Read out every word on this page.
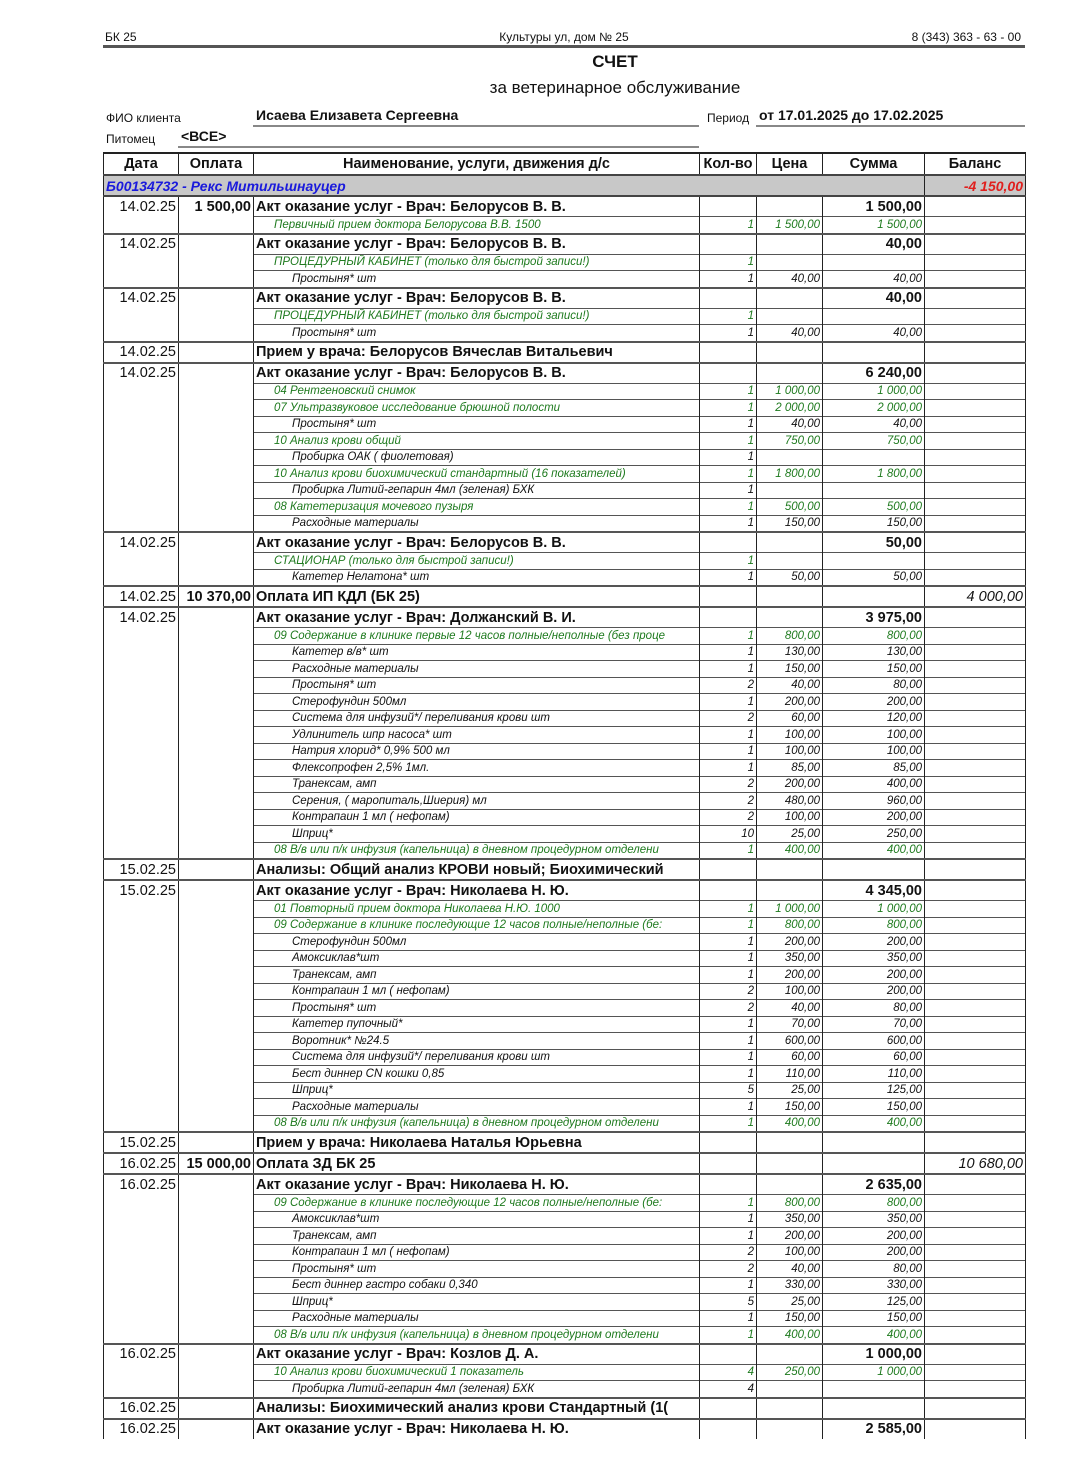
БК 25	Культуры ул, дом № 25	8 (343) 363 - 63 - 00
СЧЕТ
за ветеринарное обслуживание
ФИО клиента	Исаева Елизавета Сергеевна	Период от 17.01.2025 до 17.02.2025
Питомец <ВСЕ>
Дата	Оплата	Наименование, услуги, движения д/с	Кол-во	Цена	Сумма	Баланс
Б00134732 - Рекс Митильшнауцер						-4 150,00
14.02.25	1 500,00	Акт оказание услуг - Врач: Белорусов В. В.			1 500,00	
		Первичный прием доктора Белорусова В.В. 1500	1	1 500,00	1 500,00	
14.02.25		Акт оказание услуг - Врач: Белорусов В. В.			40,00	
		ПРОЦЕДУРНЫЙ КАБИНЕТ (только для быстрой записи!)	1			
		Простыня* шт	1	40,00	40,00	
14.02.25		Акт оказание услуг - Врач: Белорусов В. В.			40,00	
		ПРОЦЕДУРНЫЙ КАБИНЕТ (только для быстрой записи!)	1			
		Простыня* шт	1	40,00	40,00	
14.02.25		Прием у врача: Белорусов Вячеслав Витальевич				
14.02.25		Акт оказание услуг - Врач: Белорусов В. В.			6 240,00	
		04 Рентгеновский снимок	1	1 000,00	1 000,00	
		07 Ультразвуковое исследование брюшной полости	1	2 000,00	2 000,00	
		Простыня* шт	1	40,00	40,00	
		10 Анализ крови общий	1	750,00	750,00	
		Пробирка ОАК ( фиолетовая)	1			
		10 Анализ крови биохимический стандартный (16 показателей)	1	1 800,00	1 800,00	
		Пробирка Литий-гепарин 4мл (зеленая) БХК	1			
		08 Катетеризация мочевого пузыря	1	500,00	500,00	
		Расходные материалы	1	150,00	150,00	
14.02.25		Акт оказание услуг - Врач: Белорусов В. В.			50,00	
		СТАЦИОНАР (только для быстрой записи!)	1			
		Катетер Нелатона* шт	1	50,00	50,00	
14.02.25	10 370,00	Оплата ИП КДЛ (БК 25)				4 000,00
14.02.25		Акт оказание услуг - Врач: Должанский В. И.			3 975,00	
		09 Содержание в клинике первые 12 часов полные/неполные (без проце	1	800,00	800,00	
		Катетер в/в* шт	1	130,00	130,00	
		Расходные материалы	1	150,00	150,00	
		Простыня* шт	2	40,00	80,00	
		Стерофундин 500мл	1	200,00	200,00	
		Система для инфузий*/ переливания крови шт	2	60,00	120,00	
		Удлинитель шпр насоса* шт	1	100,00	100,00	
		Натрия хлорид* 0,9% 500 мл	1	100,00	100,00	
		Флексопрофен 2,5% 1мл.	1	85,00	85,00	
		Транексам, амп	2	200,00	400,00	
		Серения, ( маропиталь,Шиерия) мл	2	480,00	960,00	
		Контрапаин 1 мл ( нефопам)	2	100,00	200,00	
		Шприц*	10	25,00	250,00	
		08 В/в или п/к инфузия (капельница) в дневном процедурном отделени	1	400,00	400,00	
15.02.25		Анализы: Общий анализ КРОВИ новый; Биохимический				
15.02.25		Акт оказание услуг - Врач: Николаева Н. Ю.			4 345,00	
		01 Повторный прием доктора Николаева Н.Ю. 1000	1	1 000,00	1 000,00	
		09 Содержание в клинике последующие 12 часов полные/неполные (бе:	1	800,00	800,00	
		Стерофундин 500мл	1	200,00	200,00	
		Амоксиклав*шт	1	350,00	350,00	
		Транексам, амп	1	200,00	200,00	
		Контрапаин 1 мл ( нефопам)	2	100,00	200,00	
		Простыня* шт	2	40,00	80,00	
		Катетер пупочный*	1	70,00	70,00	
		Воротник* №24.5	1	600,00	600,00	
		Система для инфузий*/ переливания крови шт	1	60,00	60,00	
		Бест диннер CN кошки 0,85	1	110,00	110,00	
		Шприц*	5	25,00	125,00	
		Расходные материалы	1	150,00	150,00	
		08 В/в или п/к инфузия (капельница) в дневном процедурном отделени	1	400,00	400,00	
15.02.25		Прием у врача: Николаева Наталья Юрьевна				
16.02.25	15 000,00	Оплата ЗД БК 25				10 680,00
16.02.25		Акт оказание услуг - Врач: Николаева Н. Ю.			2 635,00	
		09 Содержание в клинике последующие 12 часов полные/неполные (бе:	1	800,00	800,00	
		Амоксиклав*шт	1	350,00	350,00	
		Транексам, амп	1	200,00	200,00	
		Контрапаин 1 мл ( нефопам)	2	100,00	200,00	
		Простыня* шт	2	40,00	80,00	
		Бест диннер гастро собаки 0,340	1	330,00	330,00	
		Шприц*	5	25,00	125,00	
		Расходные материалы	1	150,00	150,00	
		08 В/в или п/к инфузия (капельница) в дневном процедурном отделени	1	400,00	400,00	
16.02.25		Акт оказание услуг - Врач: Козлов Д. А.			1 000,00	
		10 Анализ крови биохимический 1 показатель	4	250,00	1 000,00	
		Пробирка Литий-гепарин 4мл (зеленая) БХК	4			
16.02.25		Анализы: Биохимический анализ крови Стандартный (1(				
16.02.25		Акт оказание услуг - Врач: Николаева Н. Ю.			2 585,00	
